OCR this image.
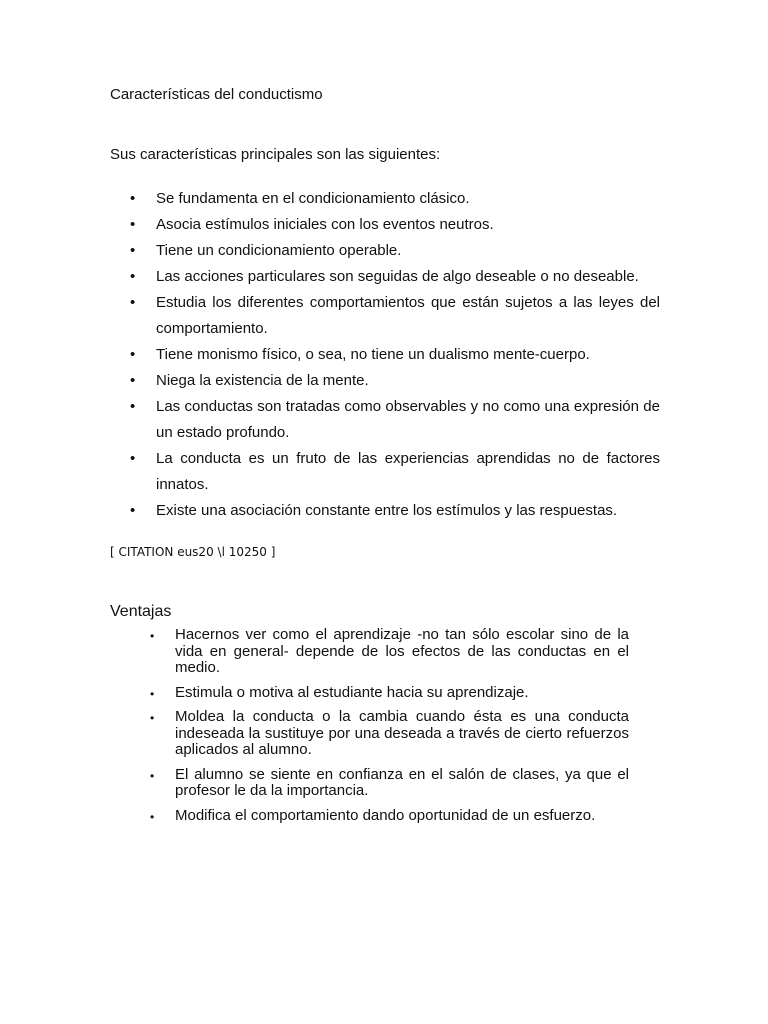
Características del conductismo

Sus características principales son las siguientes:

• Se fundamenta en el condicionamiento clásico.
• Asocia estímulos iniciales con los eventos neutros.
• Tiene un condicionamiento operable.
• Las acciones particulares son seguidas de algo deseable o no deseable.
• Estudia los diferentes comportamientos que están sujetos a las leyes del comportamiento.
• Tiene monismo físico, o sea, no tiene un dualismo mente-cuerpo.
• Niega la existencia de la mente.
• Las conductas son tratadas como observables y no como una expresión de un estado profundo.
• La conducta es un fruto de las experiencias aprendidas no de factores innatos.
• Existe una asociación constante entre los estímulos y las respuestas.

[ CITATION eus20 \l 10250 ]

Ventajas

• Hacernos ver como el aprendizaje -no tan sólo escolar sino de la vida en general- depende de los efectos de las conductas en el medio.
• Estimula o motiva al estudiante hacia su aprendizaje.
• Moldea la conducta o la cambia cuando ésta es una conducta indeseada la sustituye por una deseada a través de cierto refuerzos aplicados al alumno.
• El alumno se siente en confianza en el salón de clases, ya que el profesor le da la importancia.
• Modifica el comportamiento dando oportunidad de un esfuerzo.
